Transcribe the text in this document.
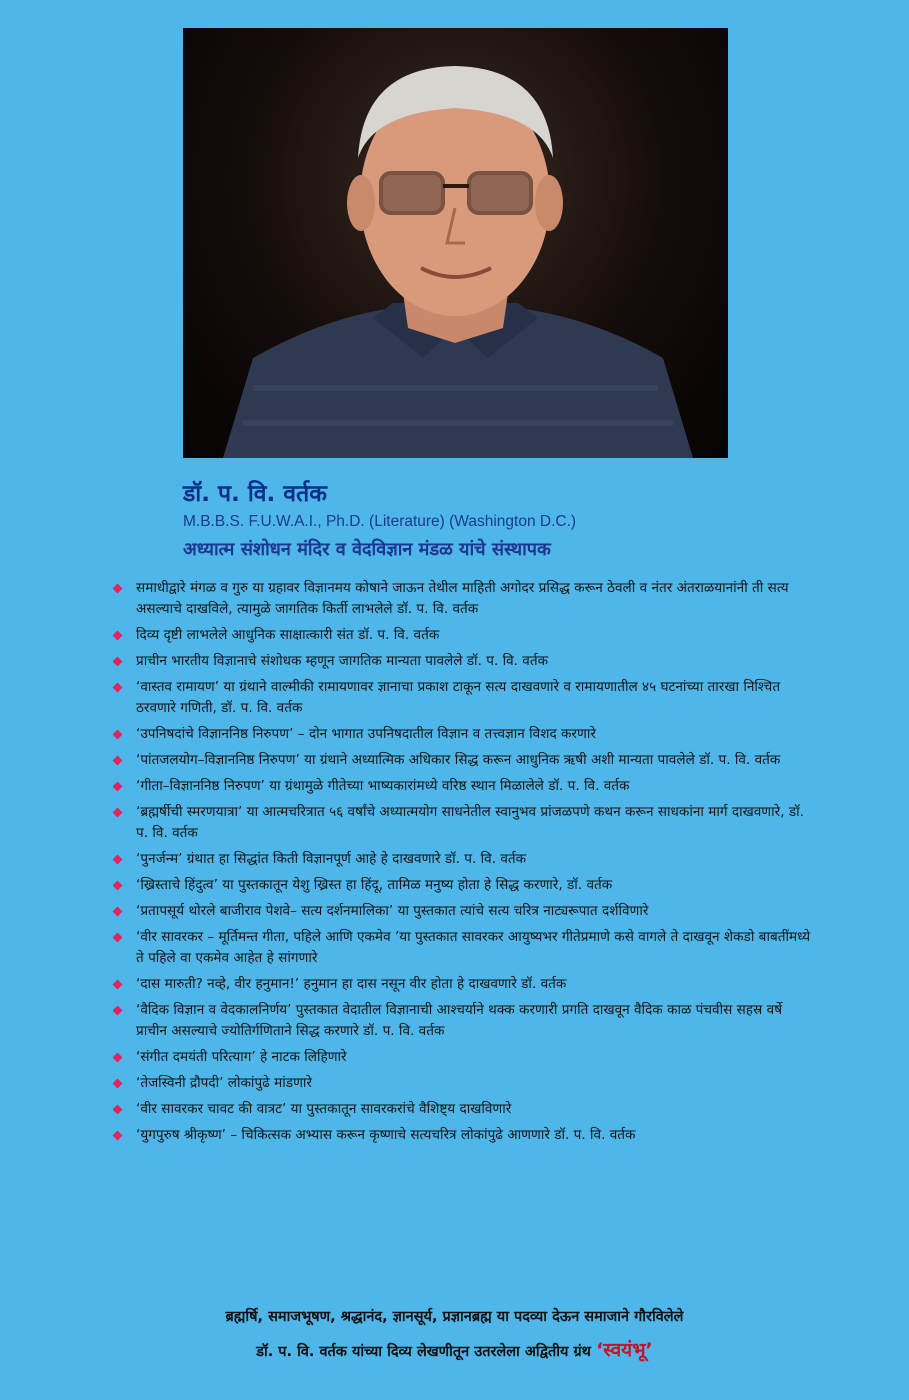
डॉ. प. वि. वर्तक
M.B.B.S. F.U.W.A.I., Ph.D. (Literature) (Washington D.C.)
अध्यात्म संशोधन मंदिर व वेदविज्ञान मंडळ यांचे संस्थापक
समाधीद्वारे मंगळ व गुरु या ग्रहावर विज्ञानमय कोषाने जाऊन तेथील माहिती अगोदर प्रसिद्ध करून ठेवली व नंतर अंतराळयानांनी ती सत्य असल्याचे दाखविले, त्यामुळे जागतिक किर्ती लाभलेले डॉ. प. वि. वर्तक
दिव्य दृष्टी लाभलेले आधुनिक साक्षात्कारी संत डॉ. प. वि. वर्तक
प्राचीन भारतीय विज्ञानाचे संशोधक म्हणून जागतिक मान्यता पावलेले डॉ. प. वि. वर्तक
‘वास्तव रामायण’ या ग्रंथाने वाल्मीकी रामायणावर ज्ञानाचा प्रकाश टाकून सत्य दाखवणारे व रामायणातील ४५ घटनांच्या तारखा निश्चित ठरवणारे गणिती, डॉ. प. वि. वर्तक
‘उपनिषदांचे विज्ञाननिष्ठ निरुपण’ – दोन भागात उपनिषदातील विज्ञान व तत्त्वज्ञान विशद करणारे
‘पांतजलयोग–विज्ञाननिष्ठ निरुपण’ या ग्रंथाने अध्यात्मिक अधिकार सिद्ध करून आधुनिक ऋषी अशी मान्यता पावलेले डॉ. प. वि. वर्तक
‘गीता–विज्ञाननिष्ठ निरुपण’ या ग्रंथामुळे गीतेच्या भाष्यकारांमध्ये वरिष्ठ स्थान मिळालेले डॉ. प. वि. वर्तक
‘ब्रह्मर्षीची स्मरणयात्रा’ या आत्मचरित्रात ५६ वर्षांचे अध्यात्मयोग साधनेतील स्वानुभव प्रांजळपणे कथन करून साधकांना मार्ग दाखवणारे, डॉ. प. वि. वर्तक
‘पुनर्जन्म’ ग्रंथात हा सिद्धांत किती विज्ञानपूर्ण आहे हे दाखवणारे डॉ. प. वि. वर्तक
‘ख्रिस्ताचे हिंदुत्व’ या पुस्तकातून येशु ख्रिस्त हा हिंदू, तामिळ मनुष्य होता हे सिद्ध करणारे, डॉ. वर्तक
‘प्रतापसूर्य थोरले बाजीराव पेशवे– सत्य दर्शनमालिका’ या पुस्तकात त्यांचे सत्य चरित्र नाट्यरूपात दर्शविणारे
‘वीर सावरकर – मूर्तिमन्त गीता, पहिले आणि एकमेव ’या पुस्तकात सावरकर आयुष्यभर गीतेप्रमाणे कसे वागले ते दाखवून शेकडो बाबतींमध्ये ते पहिले वा एकमेव आहेत हे सांगणारे
‘दास मारुती? नव्हे, वीर हनुमान!’ हनुमान हा दास नसून वीर होता हे दाखवणारे डॉ. वर्तक
‘वैदिक विज्ञान व वेदकालनिर्णय’ पुस्तकात वेदातील विज्ञानाची आश्चर्याने थक्क करणारी प्रगति दाखवून वैदिक काळ पंचवीस सहस्र वर्षे प्राचीन असल्याचे ज्योतिर्गणिताने सिद्ध करणारे डॉ. प. वि. वर्तक
‘संगीत दमयंती परित्याग’ हे नाटक लिहिणारे
‘तेजस्विनी द्रौपदी’ लोकांपुढे मांडणारे
‘वीर सावरकर चावट की वात्रट’ या पुस्तकातून सावरकरांचे वैशिष्ट्य दाखविणारे
‘युगपुरुष श्रीकृष्ण’ – चिकित्सक अभ्यास करून कृष्णाचे सत्यचरित्र लोकांपुढे आणणारे डॉ. प. वि. वर्तक
ब्रह्मर्षि, समाजभूषण, श्रद्धानंद, ज्ञानसूर्य, प्रज्ञानब्रह्म या पदव्या देऊन समाजाने गौरविलेले
डॉ. प. वि. वर्तक यांच्या दिव्य लेखणीतून उतरलेला अद्वितीय ग्रंथ ‘स्वयंभू’
